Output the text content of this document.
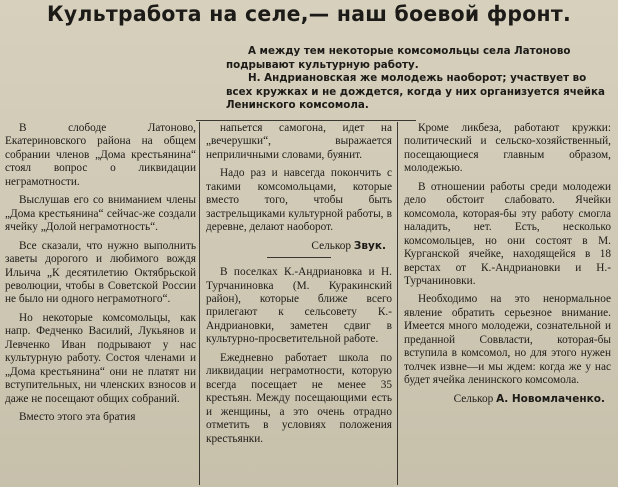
Культработа на селе,— наш боевой фронт.

А между тем некоторые комсомольцы села Латоново подрывают культурную работу.

Н. Андриановская же молодежь наоборот; участвует во всех кружках и не дождется, когда у них организуется ячейка Ленинского комсомола.

В слободе Латоново, Екатериновского района на общем собрании членов „Дома крестьянина“ стоял вопрос о ликвидации неграмотности.

Выслушав его со вниманием члены „Дома крестьянина“ сейчас-же создали ячейку „Долой неграмотность“.

Все сказали, что нужно выполнить заветы дорогого и любимого вождя Ильича „К десятилетию Октябрьской революции, чтобы в Советской России не было ни одного неграмотного“.

Но некоторые комсомольцы, как напр. Федченко Василий, Лукьянов и Левченко Иван подрывают у нас культурную работу. Состоя членами и „Дома крестьянина“ они не платят ни вступительных, ни членских взносов и даже не посещают общих собраний.

Вместо этого эта братия

напьется самогона, идет на „вечерушки“, выражается неприличными словами, буянит.

Надо раз и навсегда покончить с такими комсомольцами, которые вместо того, чтобы быть застрельщиками культурной работы, в деревне, делают наоборот.

Селькор Звук.

В поселках К.-Андриановка и Н. Турчаниновка (М. Куракинский район), которые ближе всего прилегают к сельсовету К.-Андриановки, заметен сдвиг в культурно-просветительной работе.

Ежедневно работает школа по ликвидации неграмотности, которую всегда посещает не менее 35 крестьян. Между посещающими есть и женщины, а это очень отрадно отметить в условиях положения крестьянки.

Кроме ликбеза, работают кружки: политический и сельско-хозяйственный, посещающиеся главным образом, молодежью.

В отношении работы среди молодежи дело обстоит слабовато. Ячейки комсомола, которая-бы эту работу смогла наладить, нет. Есть, несколько комсомольцев, но они состоят в М. Курганской ячейке, находящейся в 18 верстах от К.-Андриановки и Н.-Турчаниновки.

Необходимо на это ненормальное явление обратить серьезное внимание. Имеется много молодежи, сознательной и преданной Соввласти, которая-бы вступила в комсомол, но для этого нужен толчек извне—и мы ждем: когда же у нас будет ячейка ленинского комсомола.

Селькор А. Новомлаченко.
